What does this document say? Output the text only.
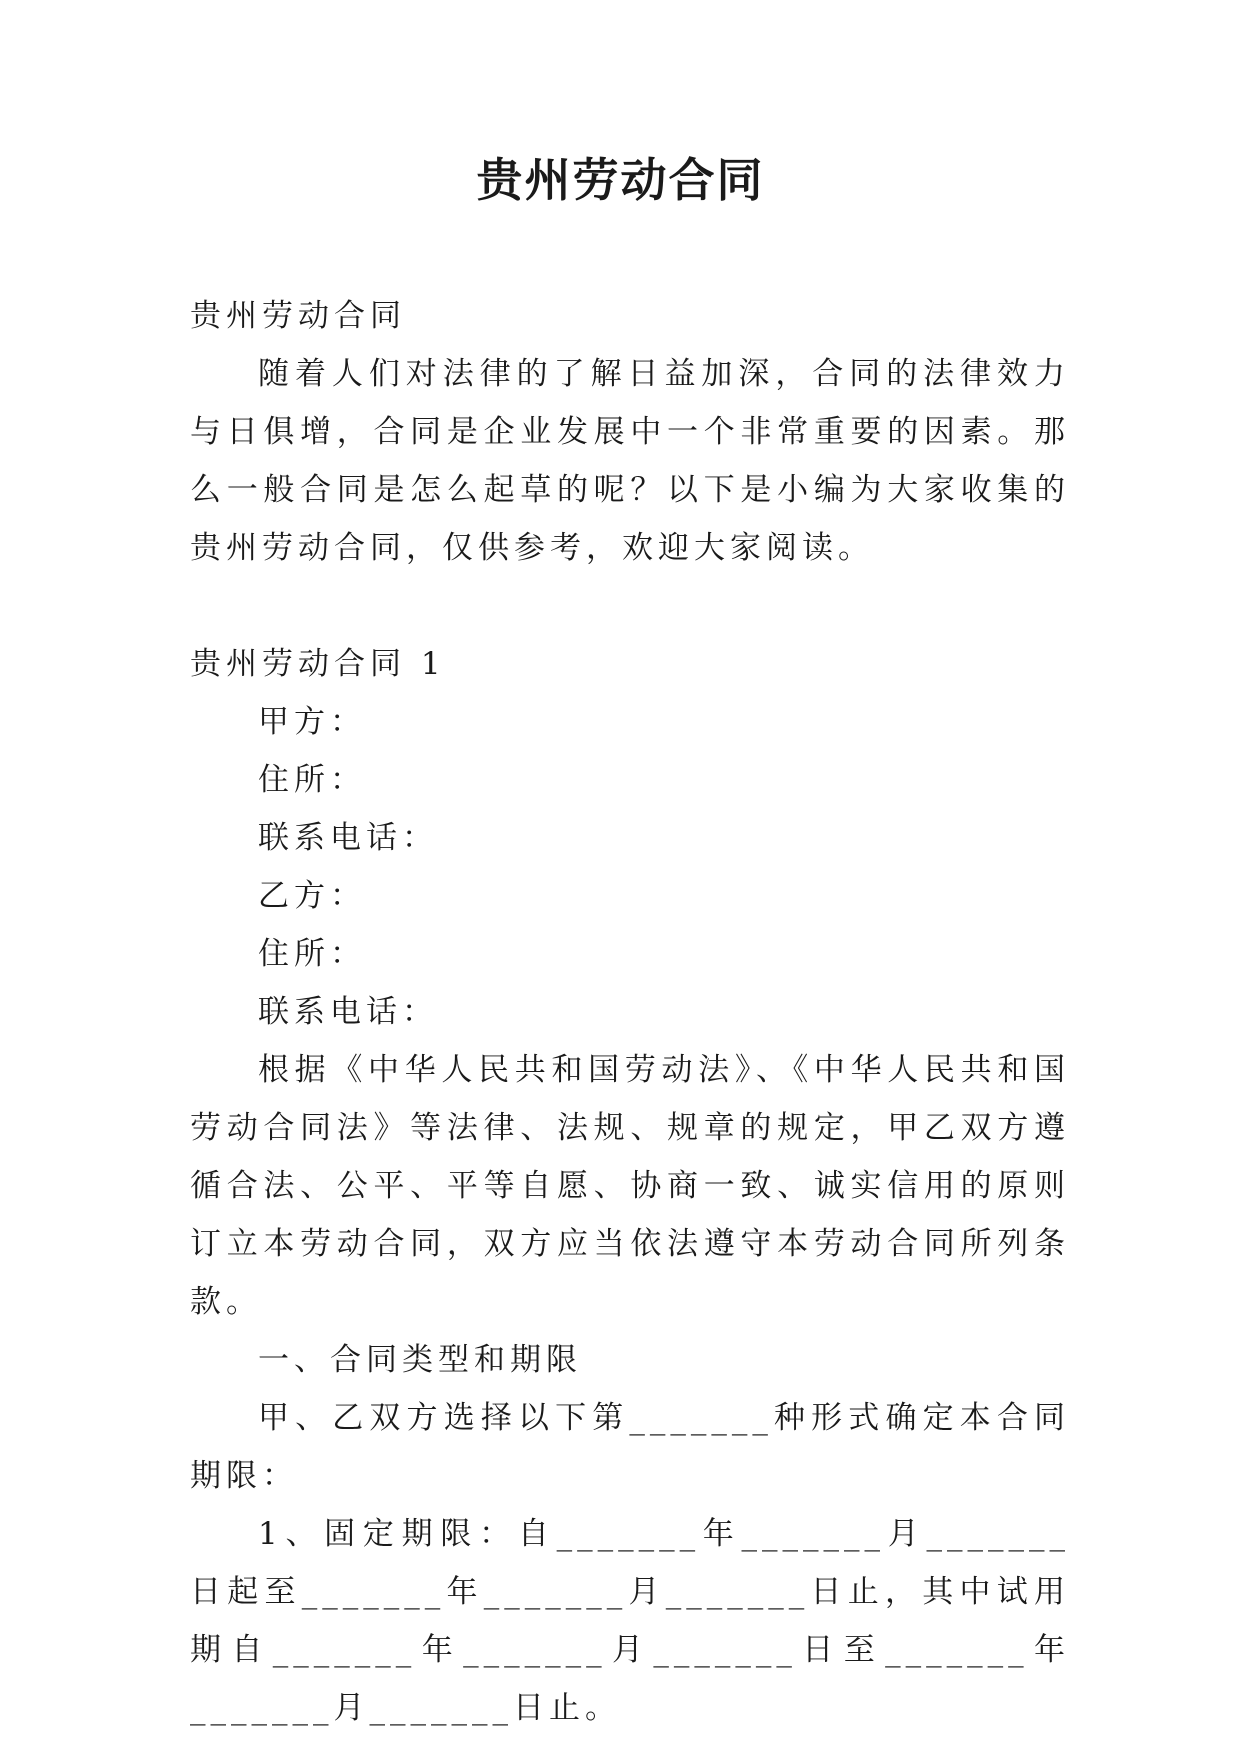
贵州劳动合同

贵州劳动合同

随着人们对法律的了解日益加深，合同的法律效力与日俱增，合同是企业发展中一个非常重要的因素。那么一般合同是怎么起草的呢？以下是小编为大家收集的贵州劳动合同，仅供参考，欢迎大家阅读。

贵州劳动合同 1

甲方：

住所：

联系电话：

乙方：

住所：

联系电话：

根据《中华人民共和国劳动法》、《中华人民共和国劳动合同法》等法律、法规、规章的规定，甲乙双方遵循合法、公平、平等自愿、协商一致、诚实信用的原则订立本劳动合同，双方应当依法遵守本劳动合同所列条款。

一、合同类型和期限

甲、乙双方选择以下第_______种形式确定本合同期限：

1、固定期限：自_______年_______月_______日起至_______年_______月_______日止，其中试用期自_______年_______月_______日至_______年_______月_______日止。
